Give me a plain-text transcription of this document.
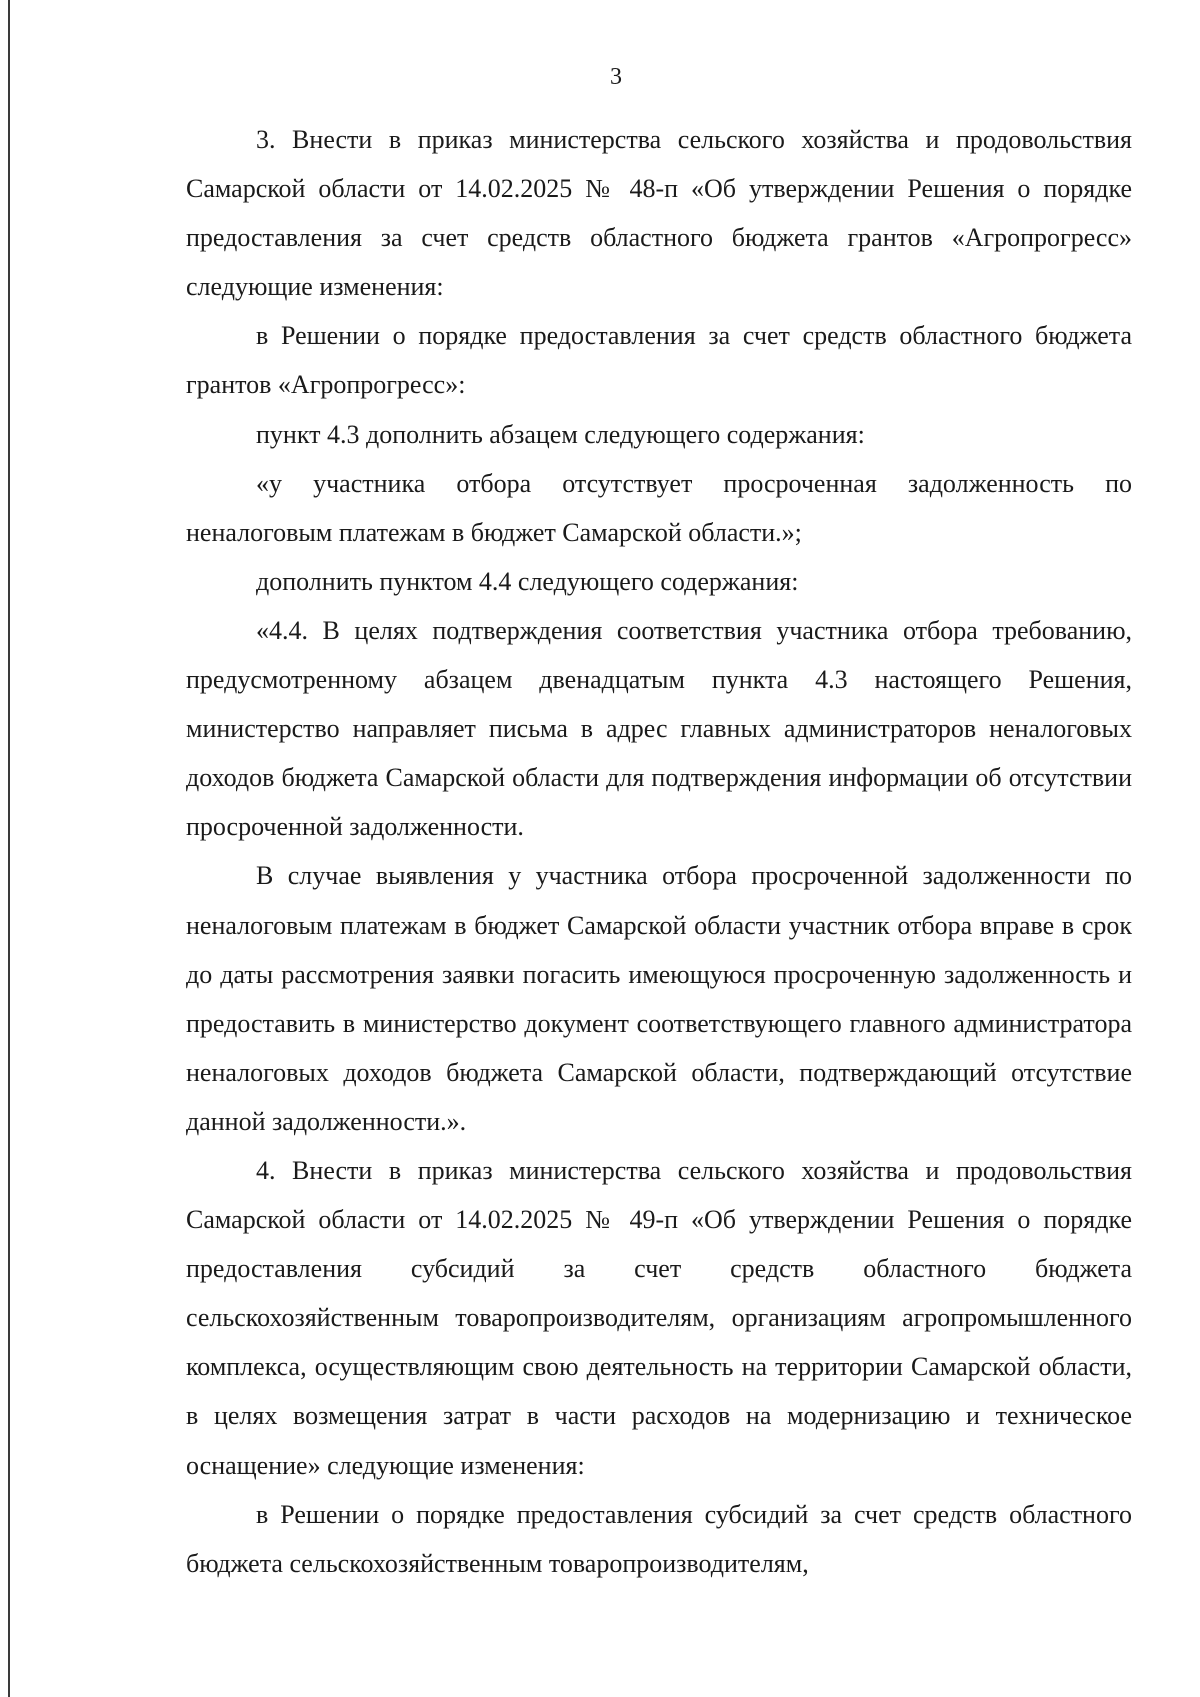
3

3. Внести в приказ министерства сельского хозяйства и продовольствия Самарской области от 14.02.2025 № 48-п «Об утверждении Решения о порядке предоставления за счет средств областного бюджета грантов «Агропрогресс» следующие изменения:

в Решении о порядке предоставления за счет средств областного бюджета грантов «Агропрогресс»:

пункт 4.3 дополнить абзацем следующего содержания:

«у участника отбора отсутствует просроченная задолженность по неналоговым платежам в бюджет Самарской области.»;

дополнить пунктом 4.4 следующего содержания:

«4.4. В целях подтверждения соответствия участника отбора требованию, предусмотренному абзацем двенадцатым пункта 4.3 настоящего Решения, министерство направляет письма в адрес главных администраторов неналоговых доходов бюджета Самарской области для подтверждения информации об отсутствии просроченной задолженности.

В случае выявления у участника отбора просроченной задолженности по неналоговым платежам в бюджет Самарской области участник отбора вправе в срок до даты рассмотрения заявки погасить имеющуюся просроченную задолженность и предоставить в министерство документ соответствующего главного администратора неналоговых доходов бюджета Самарской области, подтверждающий отсутствие данной задолженности.».

4. Внести в приказ министерства сельского хозяйства и продовольствия Самарской области от 14.02.2025 № 49-п «Об утверждении Решения о порядке предоставления субсидий за счет средств областного бюджета сельскохозяйственным товаропроизводителям, организациям агропромышленного комплекса, осуществляющим свою деятельность на территории Самарской области, в целях возмещения затрат в части расходов на модернизацию и техническое оснащение» следующие изменения:

в Решении о порядке предоставления субсидий за счет средств областного бюджета сельскохозяйственным товаропроизводителям,
